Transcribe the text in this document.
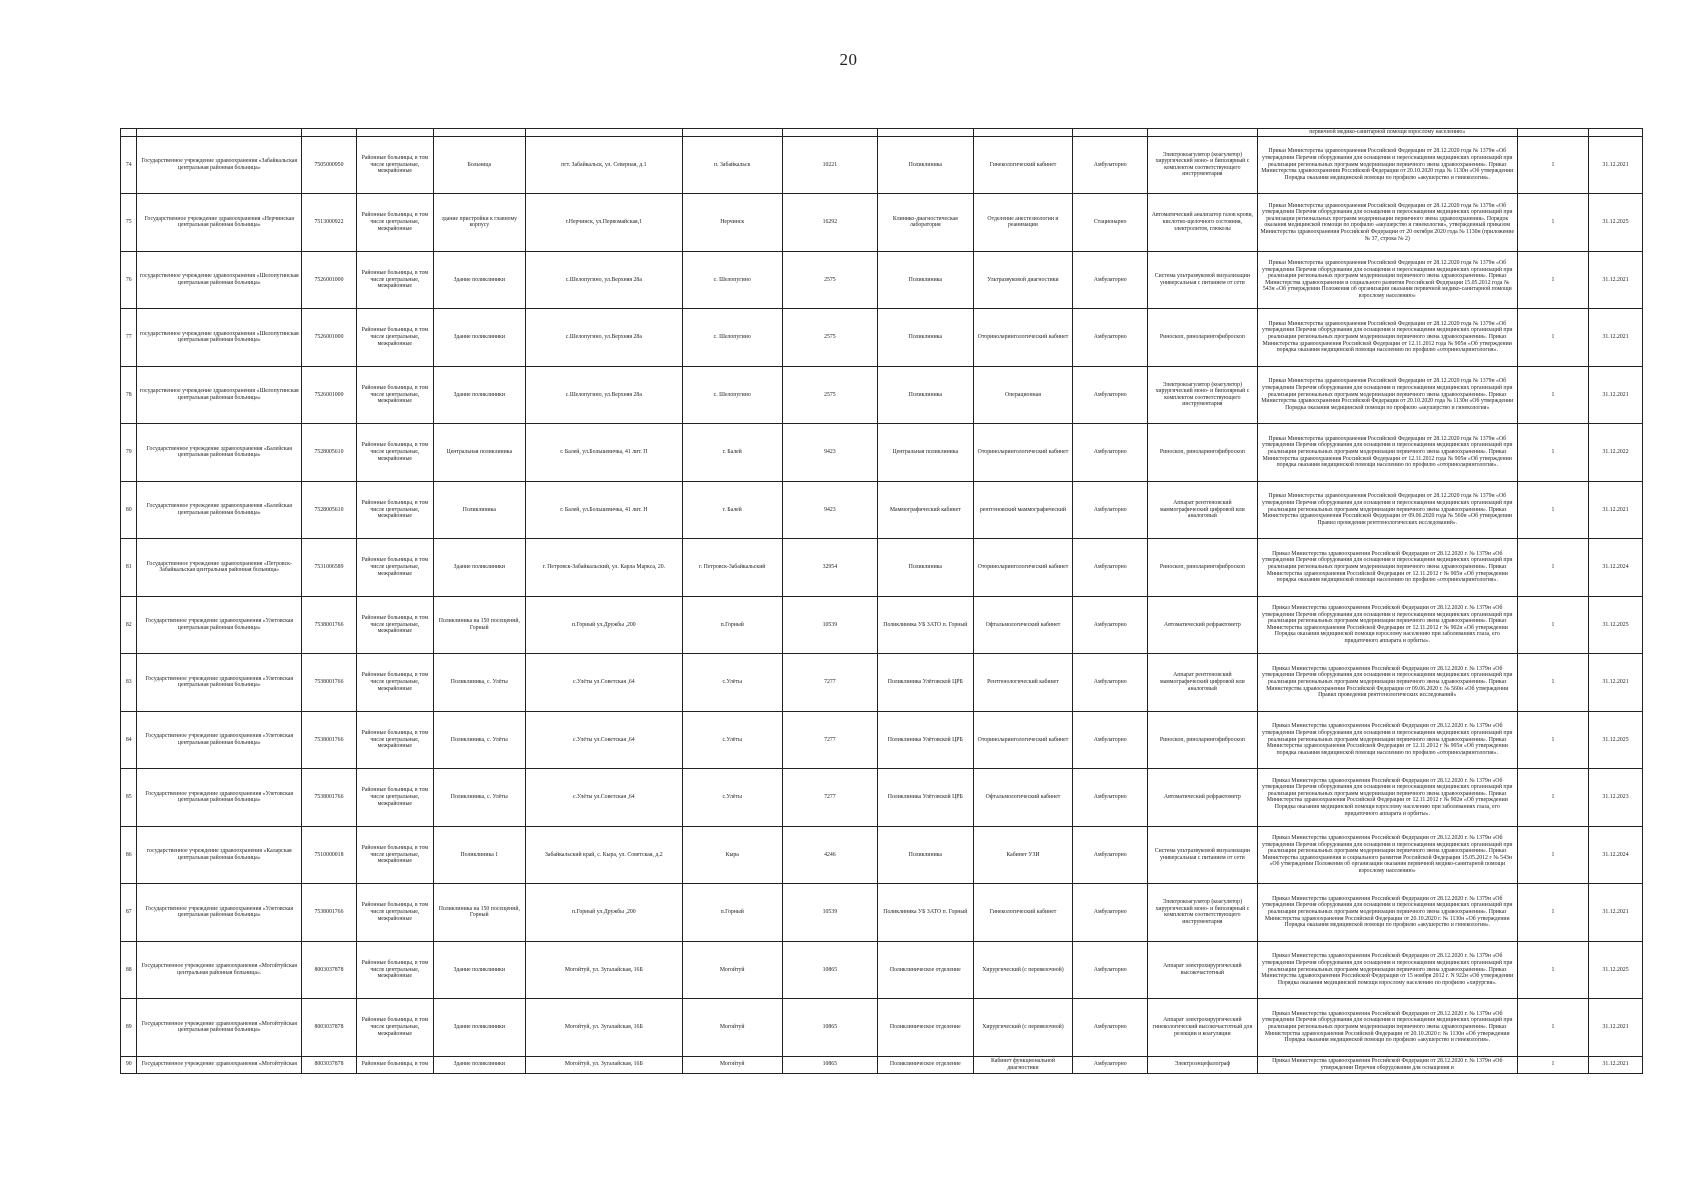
20
												первичной медико-санитарной помощи взрослому населению»		
74	Государственное учреждение здравоохранения «Забайкальская центральная районная больница»	7505000950	Районные больницы, в том числе центральные, межрайонные	Больница	пгт. Забайкальск, ул. Северная, д.1	п. Забайкальск	10221	Поликлиника	Гинекологический кабинет	Амбулаторно	Электрокоагулятор (коагулятор) хирургический моно- и биполярный с комплектом соответствующего инструментария	Приказ Министерства здравоохранения Российской Федерации от 28.12.2020 года № 1379н «Об утверждении Перечня оборудования для оснащения и переоснащения медицинских организаций при реализации региональных программ модернизации первичного звена здравоохранения». Приказ Министерства здравоохранения Российской Федерации от 20.10.2020 года № 1130н «Об утверждении Порядка оказания медицинской помощи по профилю «акушерство и гинекология».	1	31.12.2021
75	Государственное учреждение здравоохранения «Нерчинская центральная районная больница»	7513000922	Районные больницы, в том числе центральные, межрайонные	здание пристройки к главному корпусу	г.Нерчинск, ул.Первомайская,1	Нерчинск	16292	Клинико-диагностическая лаборатория	Отделение анестезиологии и реанимации	Стационарно	Автоматический анализатор газов крови, кислотно-щелочного состояния, электролитов, глюкозы	Приказ Министерства здравоохранения Российской Федерации от 28.12.2020 года № 1379н «Об утверждении Перечня оборудования для оснащения и переоснащения медицинских организаций при реализации региональных программ модернизации первичного звена здравоохранения». Порядок оказания медицинской помощи по профилю «акушерство и гинекология», утвержденный приказом Министерства здравоохранения Российской Федерации от 20 октября 2020 года № 1130н (приложение № 37, строка № 2)	1	31.12.2025
76	государственное учреждение здравоохранения «Шелопугинская центральная районная больница»	7526001000	Районные больницы, в том числе центральные, межрайонные	Здание поликлиники	с.Шелопугино, ул.Верхняя 28а	с. Шелопугино	2575	Поликлиника	Ультразвуковой диагностики	Амбулаторно	Система ультразвуковой визуализации универсальная с питанием от сети	Приказ Министерства здравоохранения Российской Федерации от 28.12.2020 года № 1379н «Об утверждении Перечня оборудования для оснащения и переоснащения медицинских организаций при реализации региональных программ модернизации первичного звена здравоохранения». Приказ Министерства здравоохранения и социального развития Российской Федерации 15.05.2012 года № 543н «Об утверждении Положения об организации оказания первичной медико-санитарной помощи взрослому населению»	1	31.12.2021
77	государственное учреждение здравоохранения «Шелопугинская центральная районная больница»	7526001000	Районные больницы, в том числе центральные, межрайонные	Здание поликлиники	с.Шелопугино, ул.Верхняя 28а	с. Шелопугино	2575	Поликлиника	Оториноларингологический кабинет	Амбулаторно	Риноскоп, риноларингофиброскоп	Приказ Министерства здравоохранения Российской Федерации от 28.12.2020 года № 1379н «Об утверждении Перечня оборудования для оснащения и переоснащения медицинских организаций при реализации региональных программ модернизации первичного звена здравоохранения». Приказ Министерства здравоохранения Российской Федерации от 12.11.2012 года № 905н «Об утверждении порядка оказания медицинской помощи населению по профилю «оториноларингология».	1	31.12.2021
78	государственное учреждение здравоохранения «Шелопугинская центральная районная больница»	7526001000	Районные больницы, в том числе центральные, межрайонные	Здание поликлиники	с.Шелопугино, ул.Верхняя 28а	с. Шелопугино	2575	Поликлиника	Операционная	Амбулаторно	Электрокоагулятор (коагулятор) хирургический моно- и биполярный с комплектом соответствующего инструментария	Приказ Министерства здравоохранения Российской Федерации от 28.12.2020 года № 1379н «Об утверждении Перечня оборудования для оснащения и переоснащения медицинских организаций при реализации региональных программ модернизации первичного звена здравоохранения». Приказ Министерства здравоохранения Российской Федерации от 20.10.2020 года № 1130н «Об утверждении Порядка оказания медицинской помощи по профилю «акушерство и гинекология»	1	31.12.2021
79	Государственное учреждение здравоохранения «Балейская центральная районная больница»	7528005610	Районные больницы, в том числе центральные, межрайонные	Центральная поликлиника	г. Балей, ул.Большевичка, 41 лит. П	г. Балей	9423	Центральная поликлиника	Оториноларингологический кабинет	Амбулаторно	Риноскоп, риноларингофиброскоп	Приказ Министерства здравоохранения Российской Федерации от 28.12.2020 года № 1379н «Об утверждении Перечня оборудования для оснащения и переоснащения медицинских организаций при реализации региональных программ модернизации первичного звена здравоохранения». Приказ Министерства здравоохранения Российской Федерации от 12.11.2012 года № 905н «Об утверждении порядка оказания медицинской помощи населению по профилю «оториноларингология».	1	31.12.2022
80	Государственное учреждение здравоохранения «Балейская центральная районная больница»	7528005610	Районные больницы, в том числе центральные, межрайонные	Поликлиника	г. Балей, ул.Большевичка, 41 лит. Н	г. Балей	9423	Маммографический кабинет	рентгеновский маммографический	Амбулаторно	Аппарат рентгеновский маммографический цифровой или аналоговый	Приказ Министерства здравоохранения Российской Федерации от 28.12.2020 года № 1379н «Об утверждении Перечня оборудования для оснащения и переоснащения медицинских организаций при реализации региональных программ модернизации первичного звена здравоохранения». Приказ Министерства здравоохранения Российской Федерации от 09.06.2020 года № 560н «Об утверждении Правил проведения рентгенологических исследований».	1	31.12.2021
81	Государственное учреждение здравоохранения «Петровск-Забайкальская центральная районная больница»	7531006589	Районные больницы, в том числе центральные, межрайонные	Здание поликлиники	г. Петровск-Забайкальский, ул. Карла Маркса, 20.	г. Петровск-Забайкальский	32954	Поликлиника	Оториноларингологический кабинет	Амбулаторно	Риноскоп, риноларингофиброскоп	Приказ Министерства здравоохранения Российской Федерации от 28.12.2020 г. № 1379н «Об утверждении Перечня оборудования для оснащения и переоснащения медицинских организаций при реализации региональных программ модернизации первичного звена здравоохранения». Приказ Министерства здравоохранения Российской Федерации от 12.11.2012 г № 905н «Об утверждении порядка оказания медицинской помощи населению по профилю «оториноларингология».	1	31.12.2024
82	Государственное учреждение здравоохранения «Улетовская центральная районная больница»	7538001766	Районные больницы, в том числе центральные, межрайонные	Поликлиника на 150 посещений, Горный	п.Горный ул.Дружбы ,200	п.Горный	10539	Поликлиника УБ ЗАТО п. Горный	Офтальмологический кабинет	Амбулаторно	Автоматический рефрактометр	Приказ Министерства здравоохранения Российской Федерации от 28.12.2020 г. № 1379н «Об утверждении Перечня оборудования для оснащения и переоснащения медицинских организаций при реализации региональных программ модернизации первичного звена здравоохранения». Приказ Министерства здравоохранения Российской Федерации от 12.11.2012 г № 902н «Об утверждении Порядка оказания медицинской помощи взрослому населению при заболеваниях глаза, его придаточного аппарата и орбиты».	1	31.12.2025
83	Государственное учреждение здравоохранения «Улетовская центральная районная больница»	7538001766	Районные больницы, в том числе центральные, межрайонные	Поликлиника, с. Улёты	с.Улёты ул.Советская ,64	с.Улёты	7277	Поликлиника Улётовской ЦРБ	Рентгенологический кабинет	Амбулаторно	Аппарат рентгеновский маммографический цифровой или аналоговый	Приказ Министерства здравоохранения Российской Федерации от 28.12.2020 г. № 1379н «Об утверждении Перечня оборудования для оснащения и переоснащения медицинских организаций при реализации региональных программ модернизации первичного звена здравоохранения». Приказ Министерства здравоохранения Российской Федерации от 09.06.2020 г. № 560н «Об утверждении Правил проведения рентгенологических исследований»	1	31.12.2021
84	Государственное учреждение здравоохранения «Улетовская центральная районная больница»	7538001766	Районные больницы, в том числе центральные, межрайонные	Поликлиника, с. Улёты	с.Улёты ул.Советская ,64	с.Улёты	7277	Поликлиника Улётовской ЦРБ	Оториноларингологический кабинет	Амбулаторно	Риноскоп, риноларингофиброскоп	Приказ Министерства здравоохранения Российской Федерации от 28.12.2020 г. № 1379н «Об утверждении Перечня оборудования для оснащения и переоснащения медицинских организаций при реализации региональных программ модернизации первичного звена здравоохранения». Приказ Министерства здравоохранения Российской Федерации от 12.11.2012 г № 905н «Об утверждении порядка оказания медицинской помощи населению по профилю «оториноларингология».	1	31.12.2025
85	Государственное учреждение здравоохранения «Улетовская центральная районная больница»	7538001766	Районные больницы, в том числе центральные, межрайонные	Поликлиника, с. Улёты	с.Улёты ул.Советская ,64	с.Улёты	7277	Поликлиника Улётовской ЦРБ	Офтальмологический кабинет	Амбулаторно	Автоматический рефрактометр	Приказ Министерства здравоохранения Российской Федерации от 28.12.2020 г. № 1379н «Об утверждении Перечня оборудования для оснащения и переоснащения медицинских организаций при реализации региональных программ модернизации первичного звена здравоохранения». Приказ Министерства здравоохранения Российской Федерации от 12.11.2012 г № 902н «Об утверждении Порядка оказания медицинской помощи взрослому населению при заболеваниях глаза, его придаточного аппарата и орбиты».	1	31.12.2023
86	государственное учреждение здравоохранения «Каларская центральная районная больница»	7510000018	Районные больницы, в том числе центральные, межрайонные	Поликлиника 1	Забайкальский край, с. Кыра, ул. Советская, д.2	Кыра	4246	Поликлиника	Кабинет УЗИ	Амбулаторно	Система ультразвуковой визуализации универсальная с питанием от сети	Приказ Министерства здравоохранения Российской Федерации от 28.12.2020 г. № 1379н «Об утверждении Перечня оборудования для оснащения и переоснащения медицинских организаций при реализации региональных программ модернизации первичного звена здравоохранения». Приказ Министерства здравоохранения и социального развития Российской Федерации 15.05.2012 г № 543н «Об утверждении Положения об организации оказания первичной медико-санитарной помощи взрослому населению»	1	31.12.2024
87	Государственное учреждение здравоохранения «Улетовская центральная районная больница»	7538001766	Районные больницы, в том числе центральные, межрайонные	Поликлиника на 150 посещений, Горный	п.Горный ул.Дружбы ,200	п.Горный	10539	Поликлиника УБ ЗАТО п. Горный	Гинекологический кабинет	Амбулаторно	Электрокоагулятор (коагулятор) хирургический моно- и биполярный с комплектом соответствующего инструментария	Приказ Министерства здравоохранения Российской Федерации от 28.12.2020 г. № 1379н «Об утверждении Перечня оборудования для оснащения и переоснащения медицинских организаций при реализации региональных программ модернизации первичного звена здравоохранения». Приказ Министерства здравоохранения Российской Федерации от 20.10.2020 г. № 1130н «Об утверждении Порядка оказания медицинской помощи по профилю «акушерство и гинекология».	1	31.12.2021
88	Государственное учреждение здравоохранения «Могойтуйская центральная районная больница».	8003037878	Районные больницы, в том числе центральные, межрайонные	Здание поликлиники	Могойтуй, ул. Зугалайская, 16Б	Могойтуй	10865	Поликлиническое отделение	Хирургический (с перевязочной)	Амбулаторно	Аппарат электрохирургический высокочастотный	Приказ Министерства здравоохранения Российской Федерации от 28.12.2020 г. № 1379н «Об утверждении Перечня оборудования для оснащения и переоснащения медицинских организаций при реализации региональных программ модернизации первичного звена здравоохранения». Приказ Министерства здравоохранения Российской Федерации от 15 ноября 2012 г. N 922н «Об утверждении Порядка оказания медицинской помощи взрослому населению по профилю «хирургия».	1	31.12.2025
89	Государственное учреждение здравоохранения «Могойтуйская центральная районная больница»	8003037878	Районные больницы, в том числе центральные, межрайонные	Здание поликлиники	Могойтуй, ул. Зугалайская, 16Б	Могойтуй	10865	Поликлиническое отделение	Хирургический (с перевязочной)	Амбулаторно	Аппарат электрохирургический гинекологический высокочастотный для резекции и коагуляции	Приказ Министерства здравоохранения Российской Федерации от 28.12.2020 г. № 1379н «Об утверждении Перечня оборудования для оснащения и переоснащения медицинских организаций при реализации региональных программ модернизации первичного звена здравоохранения». Приказ Министерства здравоохранения Российской Федерации от 20.10.2020 г. № 1130н «Об утверждении Порядка оказания медицинской помощи по профилю «акушерство и гинекология».	1	31.12.2021
90	Государственное учреждение здравоохранения «Могойтуйская	8003037878	Районные больницы, в том	Здание поликлиники	Могойтуй, ул. Зугалайская, 16Б	Могойтуй	10865	Поликлиническое отделение	Кабинет функциональной диагностики	Амбулаторно	Электроэнцефалограф	Приказ Министерства здравоохранения Российской Федерации от 28.12.2020 г. № 1379н «Об утверждении Перечня оборудования для оснащения и	1	31.12.2021
